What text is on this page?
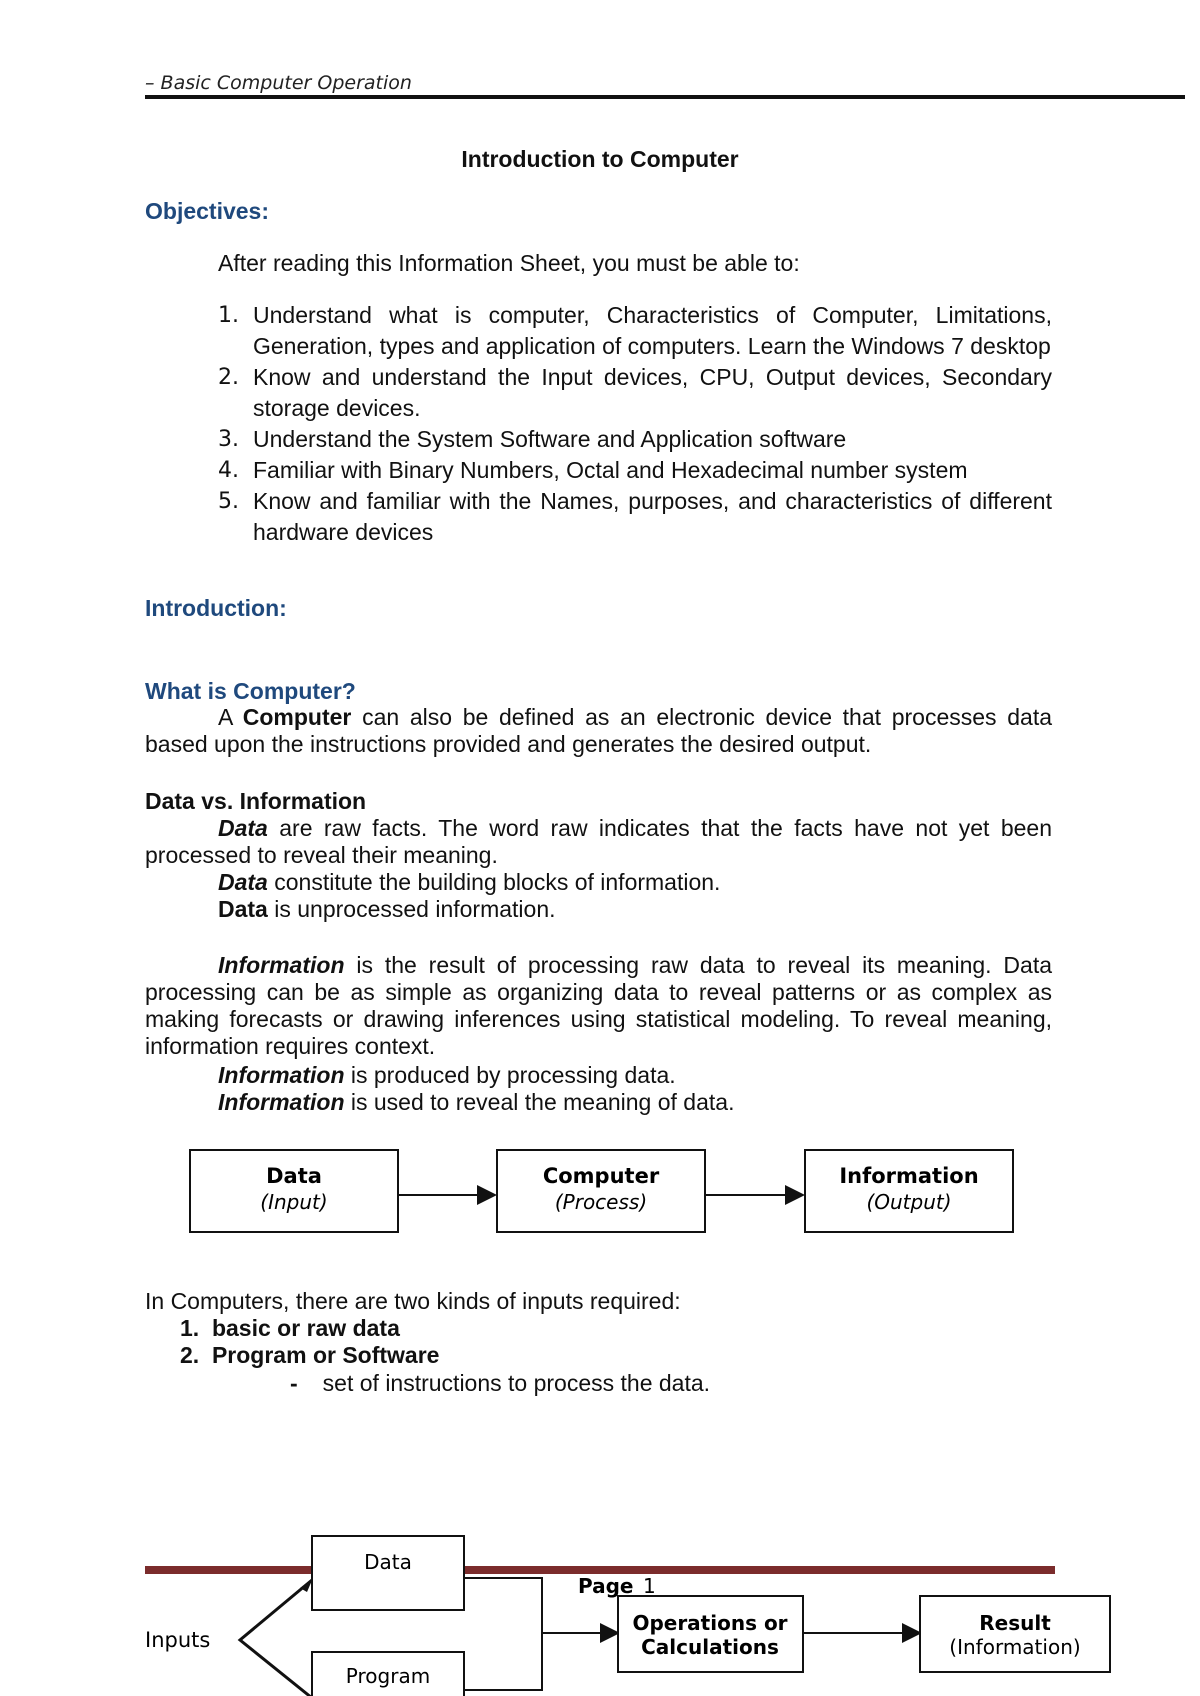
– Basic Computer Operation
Introduction to Computer
Objectives:
After reading this Information Sheet, you must be able to:
1. Understand what is computer, Characteristics of Computer, Limitations, Generation, types and application of computers. Learn the Windows 7 desktop
2. Know and understand the Input devices, CPU, Output devices, Secondary storage devices.
3. Understand the System Software and Application software
4. Familiar with Binary Numbers, Octal and Hexadecimal number system
5. Know and familiar with the Names, purposes, and characteristics of different hardware devices
Introduction:
What is Computer?
A Computer can also be defined as an electronic device that processes data based upon the instructions provided and generates the desired output.
Data vs. Information
Data are raw facts. The word raw indicates that the facts have not yet been processed to reveal their meaning.
Data constitute the building blocks of information.
Data is unprocessed information.
Information is the result of processing raw data to reveal its meaning. Data processing can be as simple as organizing data to reveal patterns or as complex as making forecasts or drawing inferences using statistical modeling. To reveal meaning, information requires context.
Information is produced by processing data.
Information is used to reveal the meaning of data.
Data
(Input)
Computer
(Process)
Information
(Output)
In Computers, there are two kinds of inputs required:
1. basic or raw data
2. Program or Software
- set of instructions to process the data.
Inputs
Data
Program
Operations or
Calculations
Result
(Information)
Page 1
